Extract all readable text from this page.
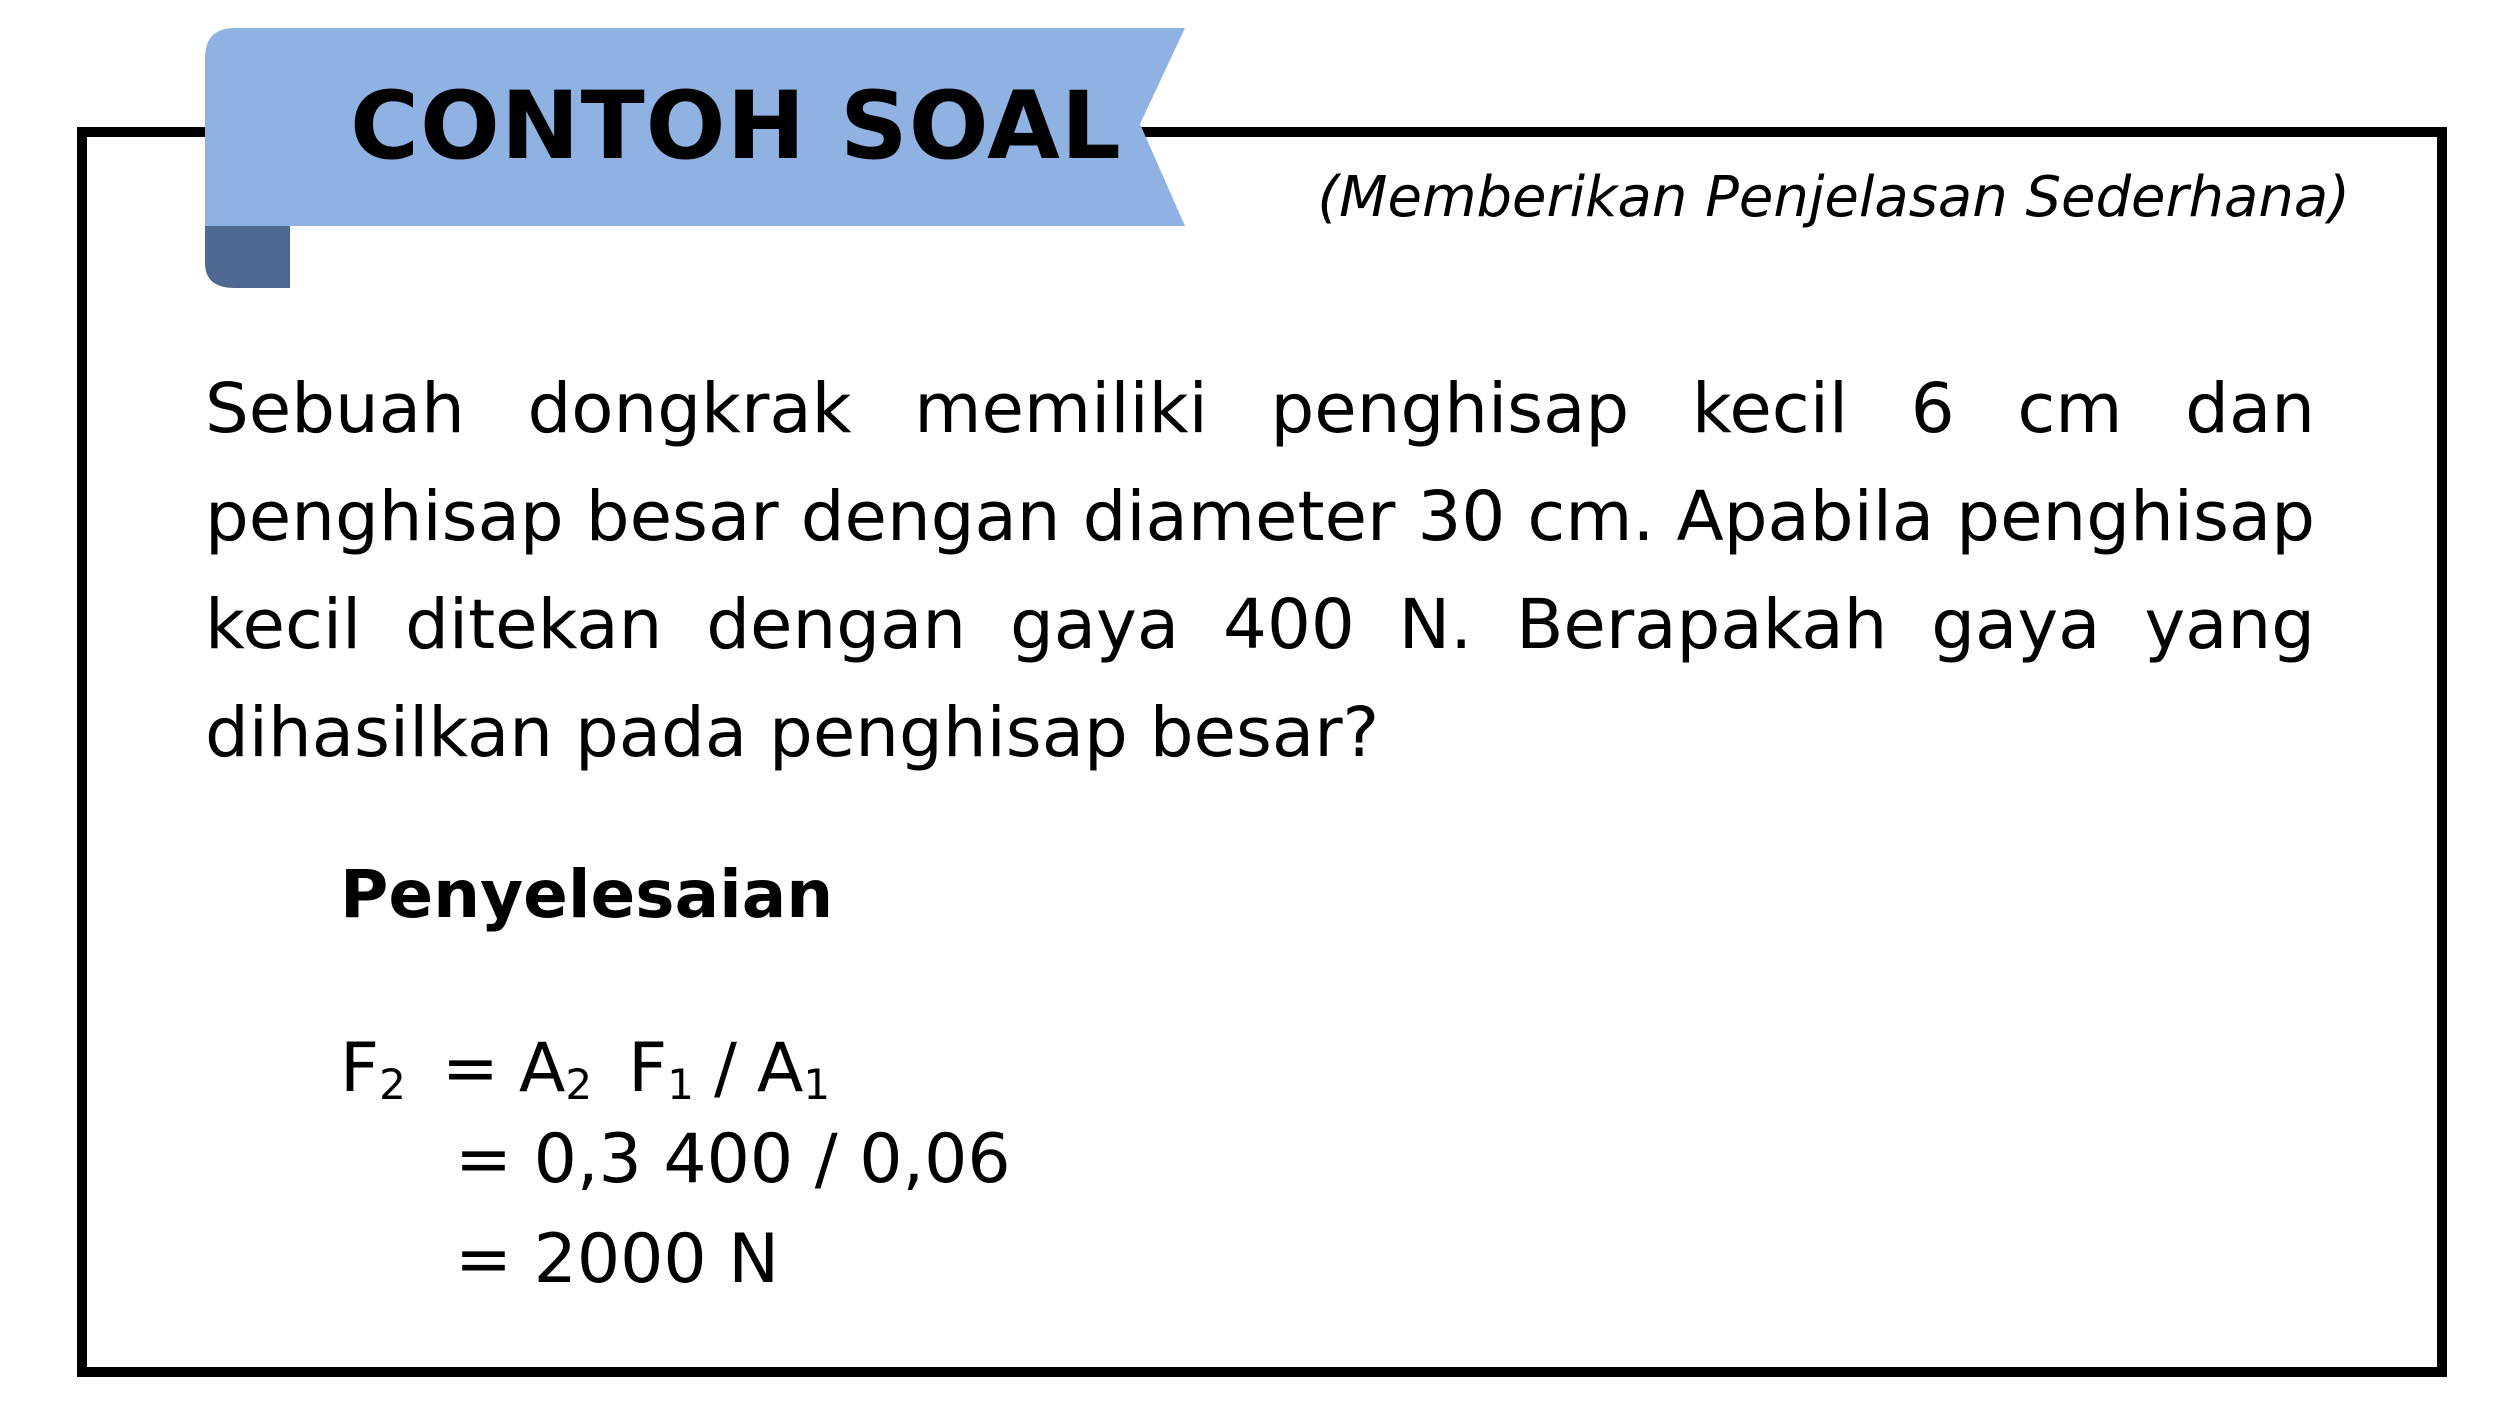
CONTOH SOAL
(Memberikan Penjelasan Sederhana)
Sebuah dongkrak memiliki penghisap kecil 6 cm dan penghisap besar dengan diameter 30 cm. Apabila penghisap kecil ditekan dengan gaya 400 N. Berapakah gaya yang dihasilkan pada penghisap besar?
Penyelesaian
$F_2 = A_2$ $F_1 / A_1$
= 0,3 400 / 0,06
= 2000 N
